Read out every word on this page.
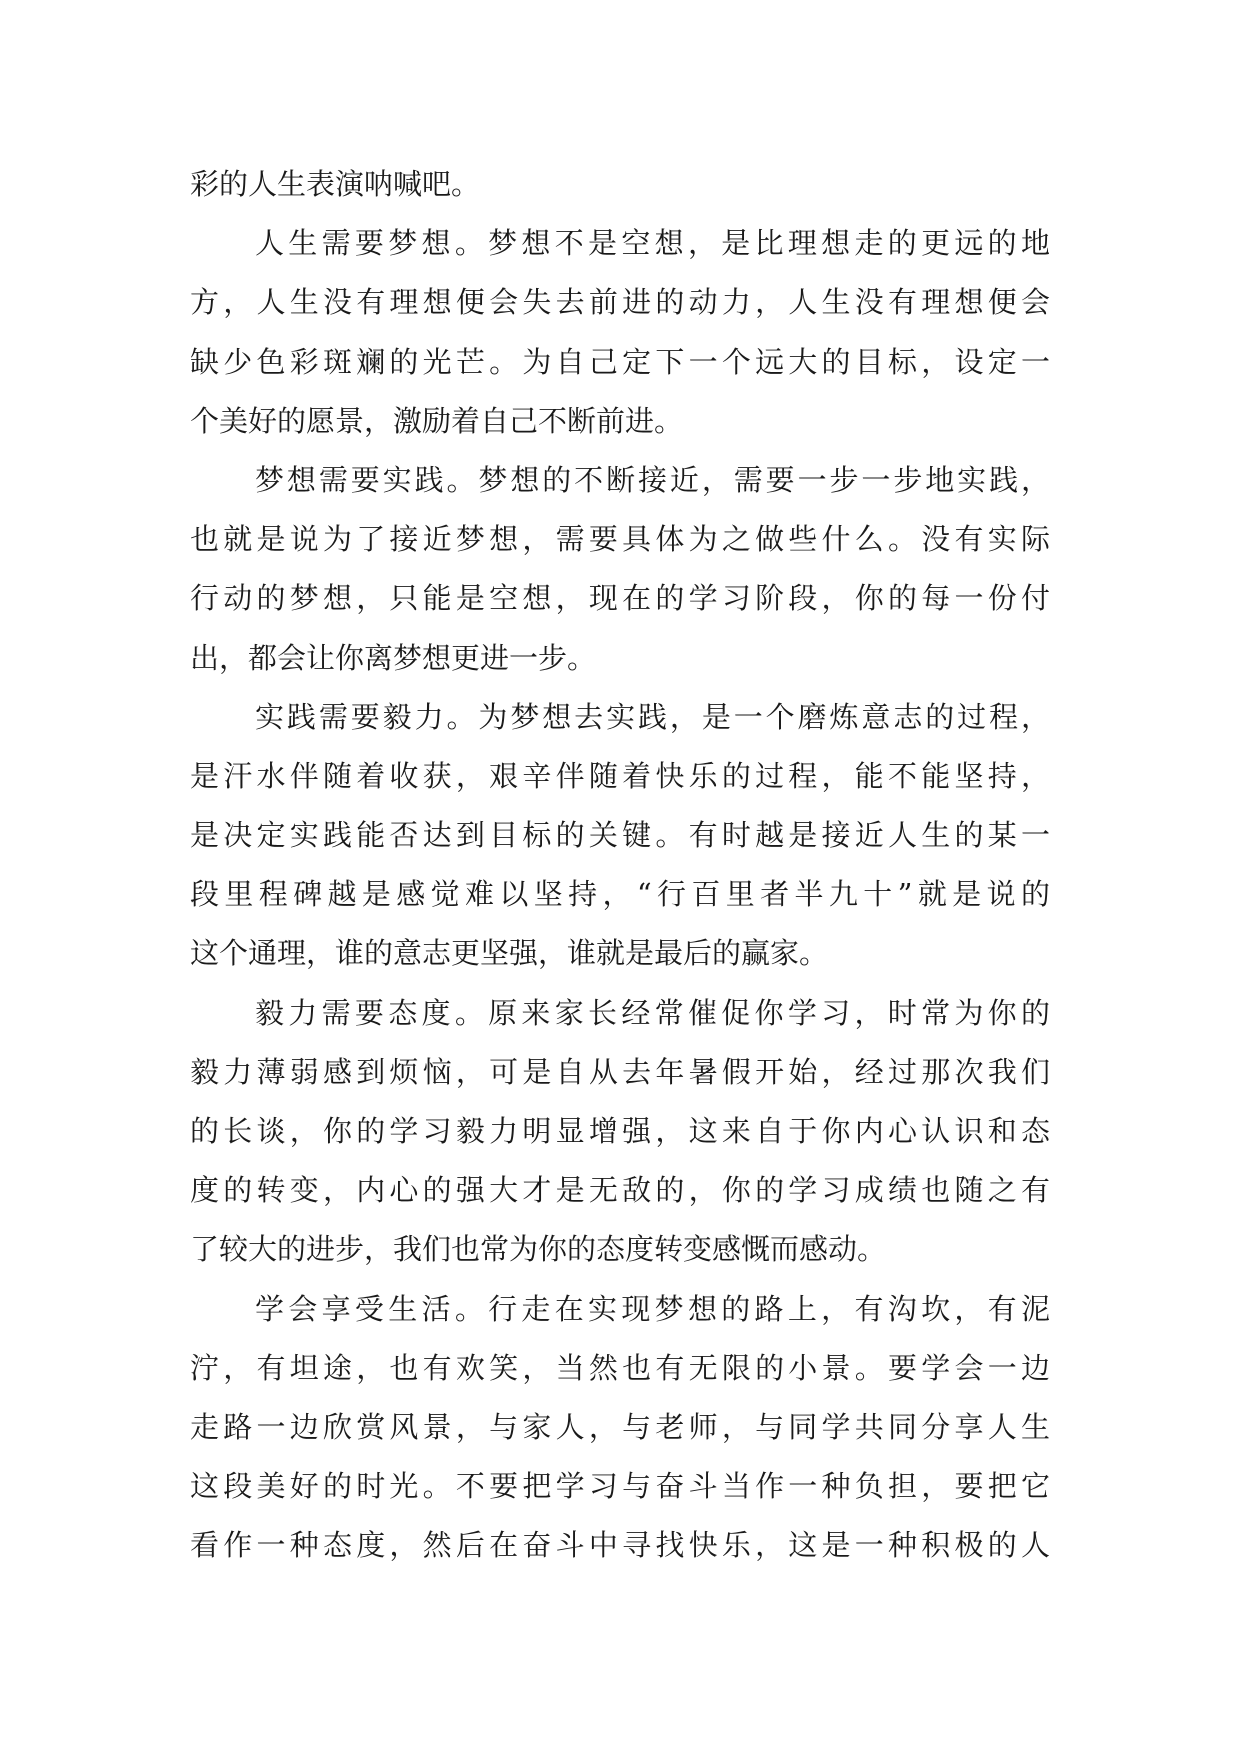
彩的人生表演呐喊吧。
人生需要梦想。梦想不是空想，是比理想走的更远的地
方，人生没有理想便会失去前进的动力，人生没有理想便会
缺少色彩斑斓的光芒。为自己定下一个远大的目标，设定一
个美好的愿景，激励着自己不断前进。
梦想需要实践。梦想的不断接近，需要一步一步地实践，
也就是说为了接近梦想，需要具体为之做些什么。没有实际
行动的梦想，只能是空想，现在的学习阶段，你的每一份付
出，都会让你离梦想更进一步。
实践需要毅力。为梦想去实践，是一个磨炼意志的过程，
是汗水伴随着收获，艰辛伴随着快乐的过程，能不能坚持，
是决定实践能否达到目标的关键。有时越是接近人生的某一
段里程碑越是感觉难以坚持，“行百里者半九十”就是说的
这个通理，谁的意志更坚强，谁就是最后的赢家。
毅力需要态度。原来家长经常催促你学习，时常为你的
毅力薄弱感到烦恼，可是自从去年暑假开始，经过那次我们
的长谈，你的学习毅力明显增强，这来自于你内心认识和态
度的转变，内心的强大才是无敌的，你的学习成绩也随之有
了较大的进步，我们也常为你的态度转变感慨而感动。
学会享受生活。行走在实现梦想的路上，有沟坎，有泥
泞，有坦途，也有欢笑，当然也有无限的小景。要学会一边
走路一边欣赏风景，与家人，与老师，与同学共同分享人生
这段美好的时光。不要把学习与奋斗当作一种负担，要把它
看作一种态度，然后在奋斗中寻找快乐，这是一种积极的人
